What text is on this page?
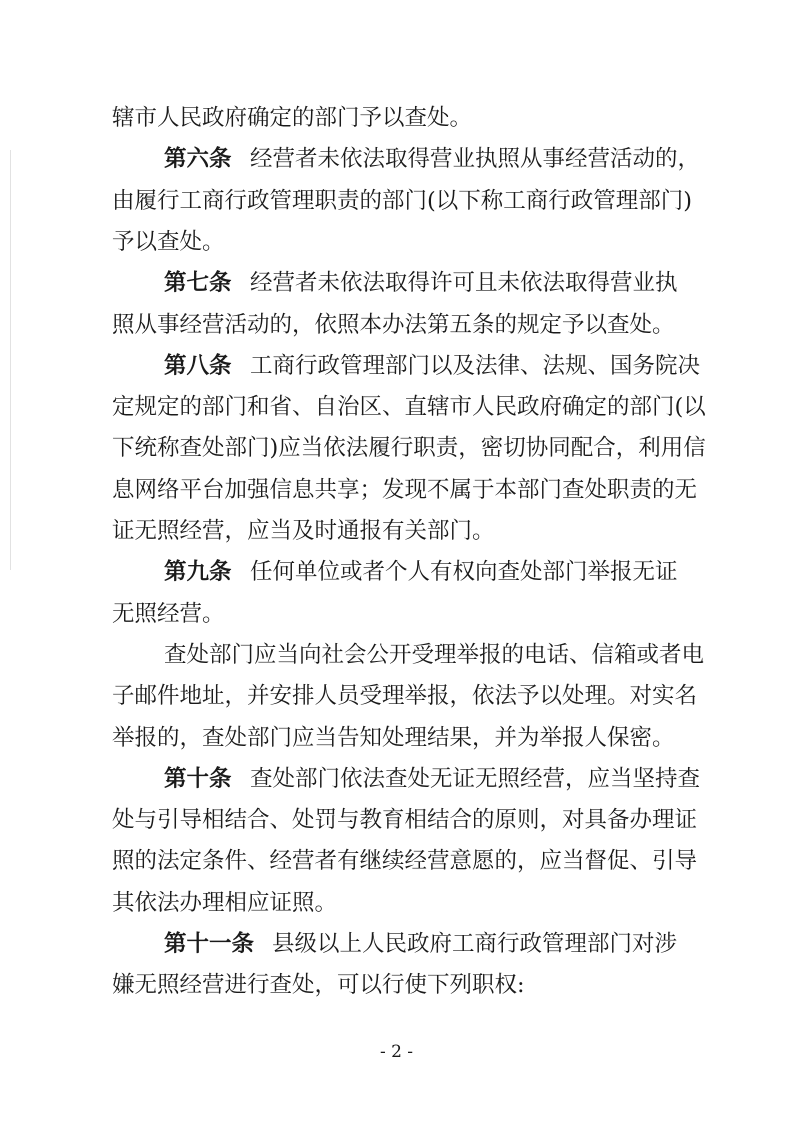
辖市人民政府确定的部门予以查处。
第六条 经营者未依法取得营业执照从事经营活动的，
由履行工商行政管理职责的部门(以下称工商行政管理部门)
予以查处。
第七条 经营者未依法取得许可且未依法取得营业执
照从事经营活动的，依照本办法第五条的规定予以查处。
第八条 工商行政管理部门以及法律、法规、国务院决
定规定的部门和省、自治区、直辖市人民政府确定的部门(以
下统称查处部门)应当依法履行职责，密切协同配合，利用信
息网络平台加强信息共享；发现不属于本部门查处职责的无
证无照经营，应当及时通报有关部门。
第九条 任何单位或者个人有权向查处部门举报无证
无照经营。
查处部门应当向社会公开受理举报的电话、信箱或者电
子邮件地址，并安排人员受理举报，依法予以处理。对实名
举报的，查处部门应当告知处理结果，并为举报人保密。
第十条 查处部门依法查处无证无照经营，应当坚持查
处与引导相结合、处罚与教育相结合的原则，对具备办理证
照的法定条件、经营者有继续经营意愿的，应当督促、引导
其依法办理相应证照。
第十一条 县级以上人民政府工商行政管理部门对涉
嫌无照经营进行查处，可以行使下列职权:
- 2 -
